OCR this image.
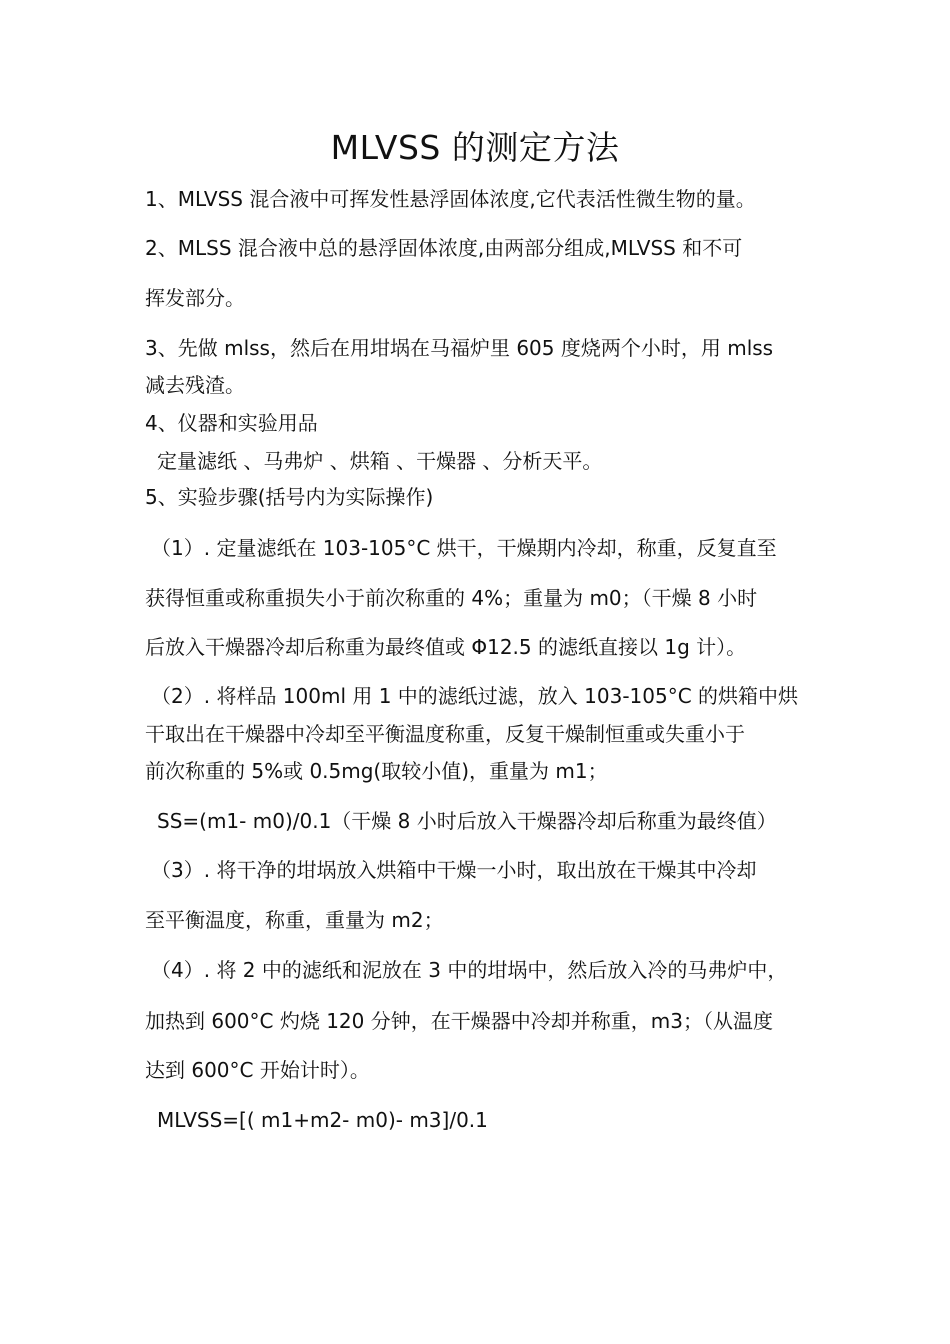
MLVSS 的测定方法
1、MLVSS 混合液中可挥发性悬浮固体浓度,它代表活性微生物的量。
2、MLSS 混合液中总的悬浮固体浓度,由两部分组成,MLVSS 和不可
挥发部分。
3、先做 mlss，然后在用坩埚在马福炉里 605 度烧两个小时，用 mlss
减去残渣。
4、仪器和实验用品
定量滤纸 、马弗炉 、烘箱 、干燥器 、分析天平。
5、实验步骤(括号内为实际操作)
（1）. 定量滤纸在 103-105°C 烘干，干燥期内冷却，称重，反复直至
获得恒重或称重损失小于前次称重的 4%；重量为 m0；（干燥 8 小时
后放入干燥器冷却后称重为最终值或 Φ12.5 的滤纸直接以 1g 计）。
（2）. 将样品 100ml 用 1 中的滤纸过滤，放入 103-105°C 的烘箱中烘
干取出在干燥器中冷却至平衡温度称重，反复干燥制恒重或失重小于
前次称重的 5%或 0.5mg(取较小值)，重量为 m1；
SS=(m1- m0)/0.1（干燥 8 小时后放入干燥器冷却后称重为最终值）
（3）. 将干净的坩埚放入烘箱中干燥一小时，取出放在干燥其中冷却
至平衡温度，称重，重量为 m2；
（4）. 将 2 中的滤纸和泥放在 3 中的坩埚中，然后放入冷的马弗炉中，
加热到 600°C 灼烧 120 分钟，在干燥器中冷却并称重，m3；（从温度
达到 600°C 开始计时）。
MLVSS=[( m1+m2- m0)- m3]/0.1
